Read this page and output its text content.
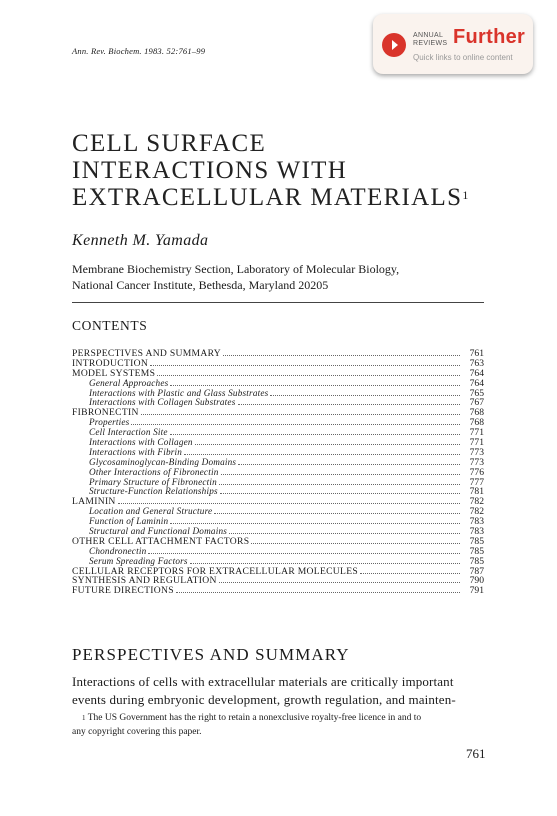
Ann. Rev. Biochem. 1983. 52:761–99
ANNUAL
REVIEWS Further
Quick links to online content
CELL SURFACE
INTERACTIONS WITH
EXTRACELLULAR MATERIALS$^1$
Kenneth M. Yamada
Membrane Biochemistry Section, Laboratory of Molecular Biology,
National Cancer Institute, Bethesda, Maryland 20205
CONTENTS
PERSPECTIVES AND SUMMARY	761
INTRODUCTION	763
MODEL SYSTEMS	764
General Approaches	764
Interactions with Plastic and Glass Substrates	765
Interactions with Collagen Substrates	767
FIBRONECTIN	768
Properties	768
Cell Interaction Site	771
Interactions with Collagen	771
Interactions with Fibrin	773
Glycosaminoglycan-Binding Domains	773
Other Interactions of Fibronectin	776
Primary Structure of Fibronectin	777
Structure-Function Relationships	781
LAMININ	782
Location and General Structure	782
Function of Laminin	783
Structural and Functional Domains	783
OTHER CELL ATTACHMENT FACTORS	785
Chondronectin	785
Serum Spreading Factors	785
CELLULAR RECEPTORS FOR EXTRACELLULAR MOLECULES	787
SYNTHESIS AND REGULATION	790
FUTURE DIRECTIONS	791
PERSPECTIVES AND SUMMARY
Interactions of cells with extracellular materials are critically important
events during embryonic development, growth regulation, and mainten-
$^1$ The US Government has the right to retain a nonexclusive royalty-free licence in and to
any copyright covering this paper.
761
